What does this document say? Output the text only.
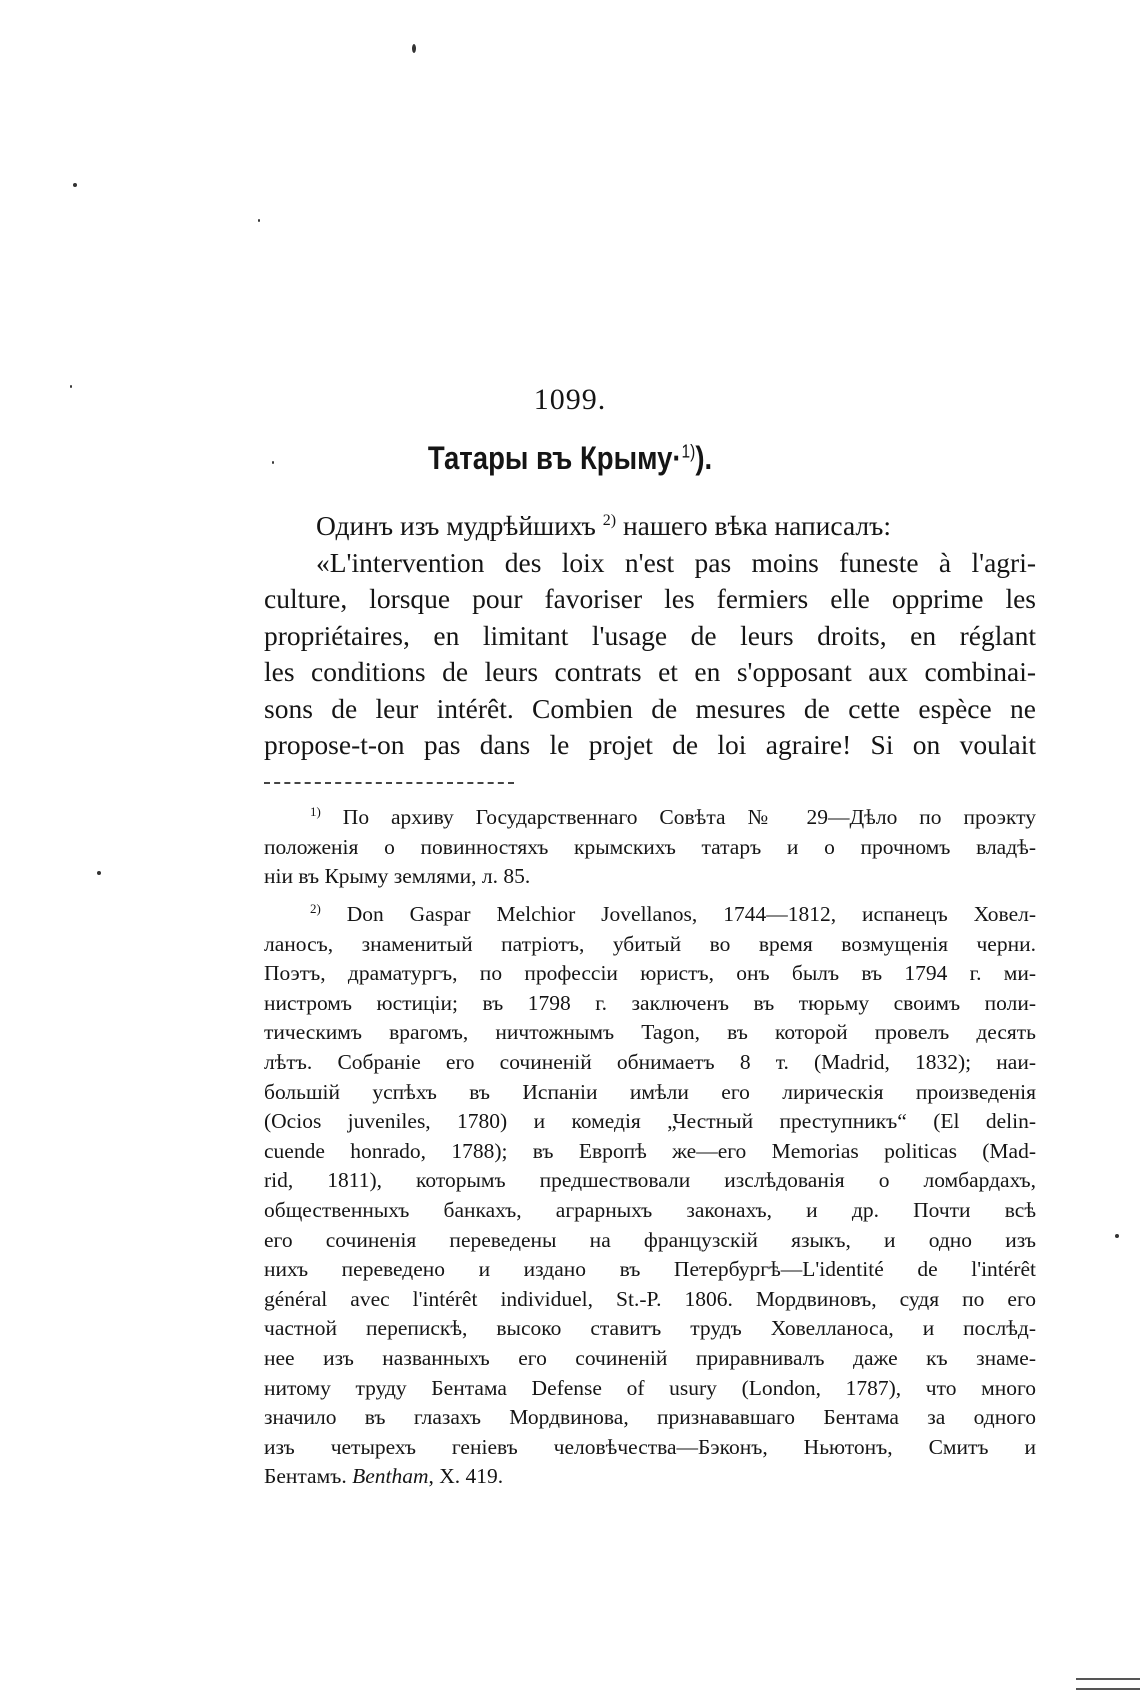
1099.
Татары въ Крыму·$^{1)}$).
Одинъ изъ мудрѣйшихъ $^{2)}$ нашего вѣка написалъ:
«L'intervention des loix n'est pas moins funeste à l'agri-
culture, lorsque pour favoriser les fermiers elle opprime les
propriétaires, en limitant l'usage de leurs droits, en réglant
les conditions de leurs contrats et en s'opposant aux combinai-
sons de leur intérêt. Combien de mesures de cette espèce ne
propose-t-on pas dans le projet de loi agraire! Si on voulait
$^{1)}$ По архиву Государственнаго Совѣта № 29—Дѣло по проэкту
положенія о повинностяхъ крымскихъ татаръ и о прочномъ владѣ-
ніи въ Крыму землями, л. 85.
$^{2)}$ Don Gaspar Melchior Jovellanos, 1744—1812, испанецъ Ховел-
ланосъ, знаменитый патріотъ, убитый во время возмущенія черни.
Поэтъ, драматургъ, по профессіи юристъ, онъ былъ въ 1794 г. ми-
нистромъ юстиціи; въ 1798 г. заключенъ въ тюрьму своимъ поли-
тическимъ врагомъ, ничтожнымъ Tagon, въ которой провелъ десять
лѣтъ. Собраніе его сочиненій обнимаетъ 8 т. (Madrid, 1832); наи-
большій успѣхъ въ Испаніи имѣли его лирическія произведенія
(Ocios juveniles, 1780) и комедія „Честный преступникъ“ (El delin-
cuende honrado, 1788); въ Европѣ же—его Memorias politicas (Mad-
rid, 1811), которымъ предшествовали изслѣдованія о ломбардахъ,
общественныхъ банкахъ, аграрныхъ законахъ, и др. Почти всѣ
его сочиненія переведены на французскій языкъ, и одно изъ
нихъ переведено и издано въ Петербургѣ—L'identité de l'intérêt
général avec l'intérêt individuel, St.-P. 1806. Мордвиновъ, судя по его
частной перепискѣ, высоко ставитъ трудъ Ховелланоса, и послѣд-
нее изъ названныхъ его сочиненій приравнивалъ даже къ знаме-
нитому труду Бентама Defense of usury (London, 1787), что много
значило въ глазахъ Мордвинова, признававшаго Бентама за одного
изъ четырехъ геніевъ человѣчества—Бэконъ, Ньютонъ, Смитъ и
Бентамъ. Bentham, X. 419.
